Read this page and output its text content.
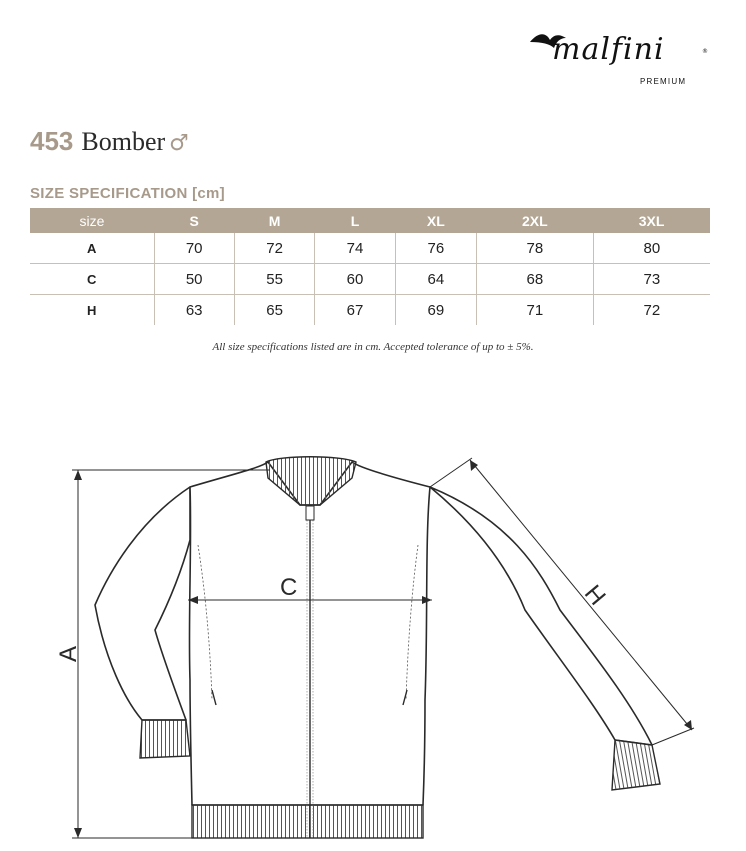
malfini	®
PREMIUM
453 Bomber ♂
SIZE SPECIFICATION [cm]
size	S	M	L	XL	2XL	3XL
A	70	72	74	76	78	80
C	50	55	60	64	68	73
H	63	65	67	69	71	72
All size specifications listed are in cm. Accepted tolerance of up to ± 5%.
A
C	H
